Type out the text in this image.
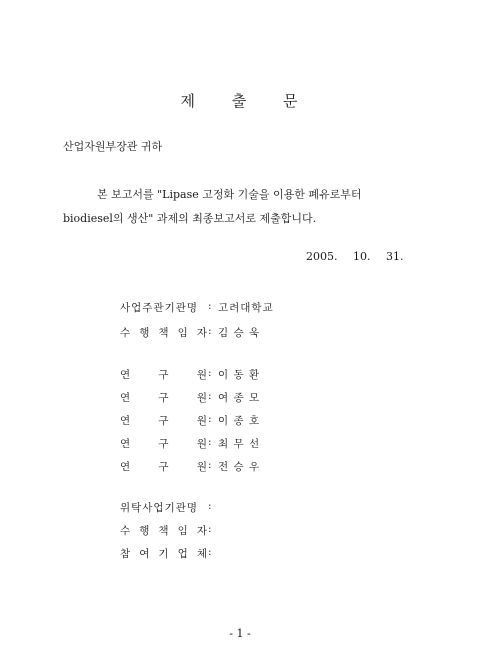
제 출 문
산업자원부장관 귀하
본 보고서를 "Lipase 고정화 기술을 이용한 폐유로부터 biodiesel의 생산" 과제의 최종보고서로 제출합니다.
2005. 10. 31.
사업주관기관명 : 고려대학교
수 행 책 임 자 : 김 승 욱
연 구 원 : 이 동 환
연 구 원 : 여 종 모
연 구 원 : 이 종 호
연 구 원 : 최 무 선
연 구 원 : 전 승 우
위탁사업기관명 :
수 행 책 임 자 :
참 여 기 업 체 :
- 1 -
